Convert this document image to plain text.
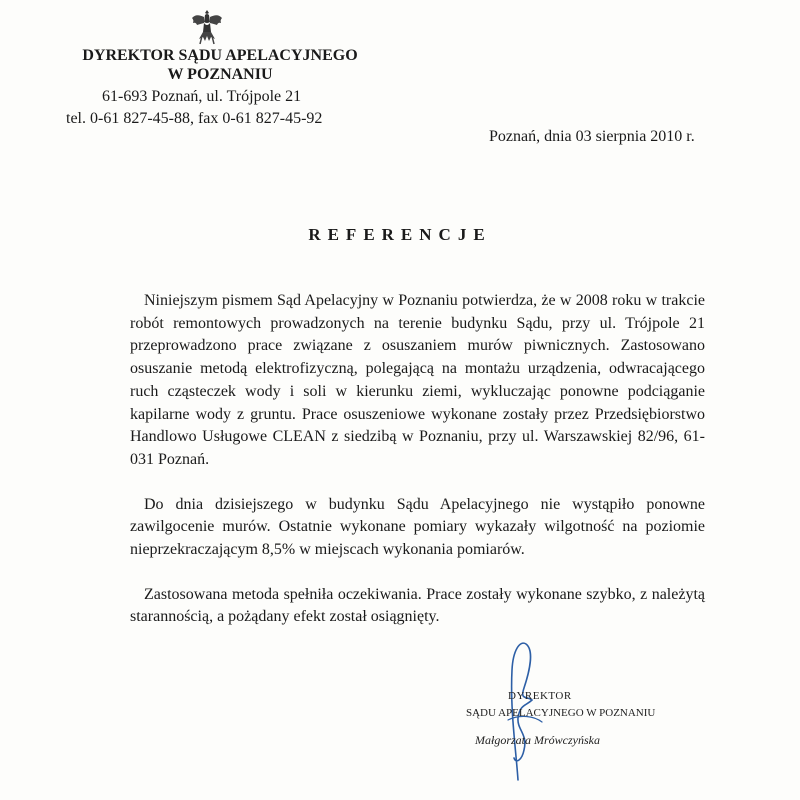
DYREKTOR SĄDU APELACYJNEGO
W POZNANIU
61-693 Poznań, ul. Trójpole 21
tel. 0-61 827-45-88, fax 0-61 827-45-92
Poznań, dnia 03 sierpnia 2010 r.
REFERENCJE

Niniejszym pismem Sąd Apelacyjny w Poznaniu potwierdza, że w 2008 roku w trakcie robót remontowych prowadzonych na terenie budynku Sądu, przy ul. Trójpole 21 przeprowadzono prace związane z osuszaniem murów piwnicznych. Zastosowano osuszanie metodą elektrofizyczną, polegającą na montażu urządzenia, odwracającego ruch cząsteczek wody i soli w kierunku ziemi, wykluczając ponowne podciąganie kapilarne wody z gruntu. Prace osuszeniowe wykonane zostały przez Przedsiębiorstwo Handlowo Usługowe CLEAN z siedzibą w Poznaniu, przy ul. Warszawskiej 82/96, 61-031 Poznań.

Do dnia dzisiejszego w budynku Sądu Apelacyjnego nie wystąpiło ponowne zawilgocenie murów. Ostatnie wykonane pomiary wykazały wilgotność na poziomie nieprzekraczającym 8,5% w miejscach wykonania pomiarów.

Zastosowana metoda spełniła oczekiwania. Prace zostały wykonane szybko, z należytą starannością, a pożądany efekt został osiągnięty.

DYREKTOR
SĄDU APELACYJNEGO W POZNANIU
Małgorzata Mrówczyńska
